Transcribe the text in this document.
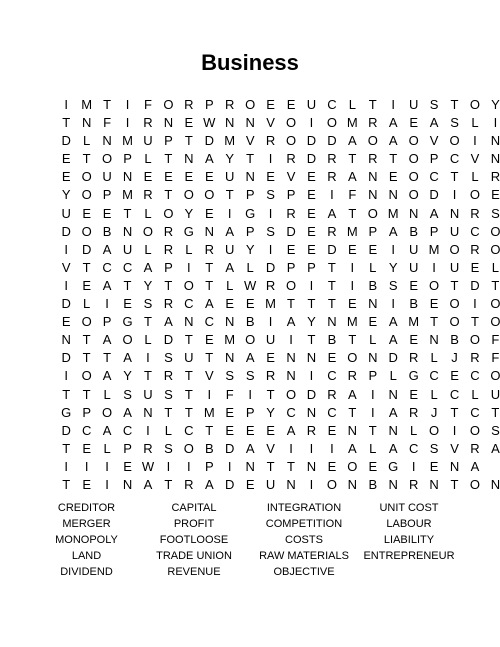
Business
I	M T	I	F O R P R O E E U C L T	I	U S T O Y
T N F	I	R N E W N N V O	I	O M R A E A S L	I
D L N M U P T D M V R O D D A O A O V O	I	N
E T O P L T N A Y T	I	R D R T R T O P C V N
E O U N E E E E U N E V E R A N E O C T L R
Y O P M R T O O T P S P E	I	F N N O D	I	O E
U E E T L O Y E	I	G	I	R E A T O M N A N R S
D O B N O R G N A P S D E R M P A B P U C O
I	D A U L R L R U Y	I	E E D E E	I	U M O R O
V T C C A P	I	T A L D P P T	I	L Y U	I	U E L
I	E A T Y T O T L W R O	I	T	I	B S E O T D T
D L	I	E S R C A E E M T T T E N	I	B E O	I	O
E O P G T A N C N B	I	A Y N M E A M T O T O
N T A O L D T E M O U	I	T B T L A E N B O F
D T T A	I	S U T N A E N N E O N D R L	J R F
I	O A Y T R T V S S R N	I	C R P L G C E C O
T T L S U S T	I	F	I	T O D R A	I	N E L C L U
G P O A N T T M E P Y C N C T	I	A R J	T C T
D C A C	I	L C T E E E A R E N T N L O	I	O S
T E L P R S O B D A V	I	I	I	A L A C S V R A
I	I	I	E W I	I	P	I	N T T N E O E G	I	E N A
T E	I	N A T R A D E U N	I	O N B N R N T O N
CREDITOR	CAPITAL	INTEGRATION	UNIT COST
MERGER	PROFIT	COMPETITION	LABOUR
MONOPOLY	FOOTLOOSE	COSTS	LIABILITY
LAND	TRADE UNION	RAW MATERIALS	ENTREPRENEUR
DIVIDEND	REVENUE	OBJECTIVE
